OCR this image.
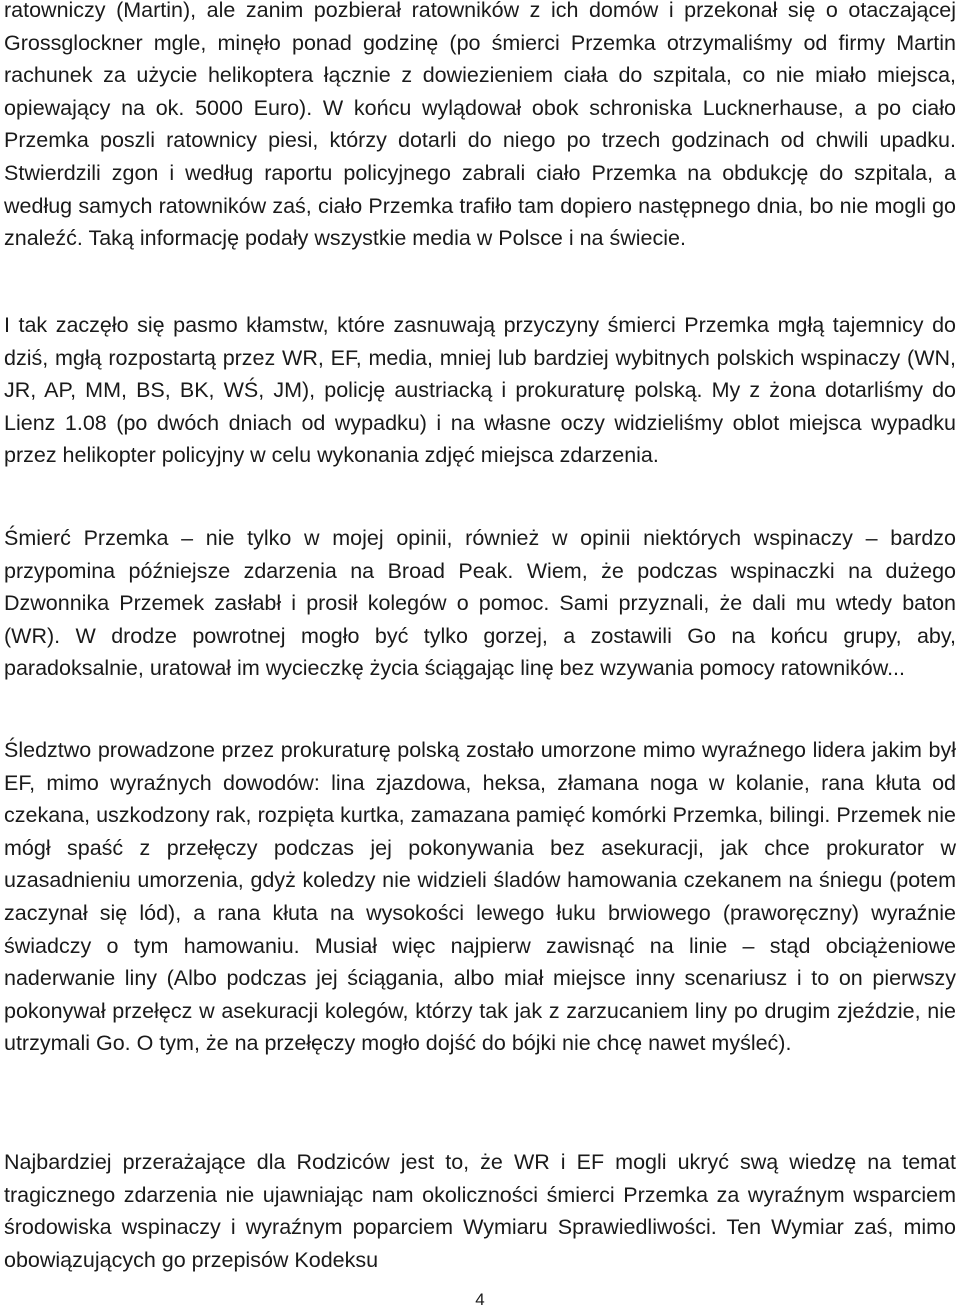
ratowniczy (Martin), ale zanim pozbierał ratowników z ich domów i przekonał się o otaczającej Grossglockner mgle, minęło ponad godzinę (po śmierci Przemka otrzymaliśmy od firmy Martin rachunek za użycie helikoptera łącznie z dowiezieniem ciała do szpitala, co nie miało miejsca, opiewający na ok. 5000 Euro). W końcu wylądował obok schroniska Lucknerhause, a po ciało Przemka poszli ratownicy piesi, którzy dotarli do niego po trzech godzinach od chwili upadku. Stwierdzili zgon i według raportu policyjnego zabrali ciało Przemka na obdukcję do szpitala, a według samych ratowników zaś, ciało Przemka trafiło tam dopiero następnego dnia, bo nie mogli go znaleźć. Taką informację podały wszystkie media w Polsce i na świecie.

I tak zaczęło się pasmo kłamstw, które zasnuwają przyczyny śmierci Przemka mgłą tajemnicy do dziś, mgłą rozpostartą przez WR, EF, media, mniej lub bardziej wybitnych polskich wspinaczy (WN, JR, AP, MM, BS, BK, WŚ, JM), policję austriacką i prokuraturę polską. My z żona dotarliśmy do Lienz 1.08 (po dwóch dniach od wypadku) i na własne oczy widzieliśmy oblot miejsca wypadku przez helikopter policyjny w celu wykonania zdjęć miejsca zdarzenia.

Śmierć Przemka – nie tylko w mojej opinii, również w opinii niektórych wspinaczy – bardzo przypomina późniejsze zdarzenia na Broad Peak. Wiem, że podczas wspinaczki na dużego Dzwonnika Przemek zasłabł i prosił kolegów o pomoc. Sami przyznali, że dali mu wtedy baton (WR). W drodze powrotnej mogło być tylko gorzej, a zostawili Go na końcu grupy, aby, paradoksalnie, uratował im wycieczkę życia ściągając linę bez wzywania pomocy ratowników...

Śledztwo prowadzone przez prokuraturę polską zostało umorzone mimo wyraźnego lidera jakim był EF, mimo wyraźnych dowodów: lina zjazdowa, heksa, złamana noga w kolanie, rana kłuta od czekana, uszkodzony rak, rozpięta kurtka, zamazana pamięć komórki Przemka, bilingi. Przemek nie mógł spaść z przełęczy podczas jej pokonywania bez asekuracji, jak chce prokurator w uzasadnieniu umorzenia, gdyż koledzy nie widzieli śladów hamowania czekanem na śniegu (potem zaczynał się lód), a rana kłuta na wysokości lewego łuku brwiowego (praworęczny) wyraźnie świadczy o tym hamowaniu. Musiał więc najpierw zawisnąć na linie – stąd obciążeniowe naderwanie liny (Albo podczas jej ściągania, albo miał miejsce inny scenariusz i to on pierwszy pokonywał przełęcz w asekuracji kolegów, którzy tak jak z zarzucaniem liny po drugim zjeździe, nie utrzymali Go. O tym, że na przełęczy mogło dojść do bójki nie chcę nawet myśleć).

Najbardziej przerażające dla Rodziców jest to, że WR i EF mogli ukryć swą wiedzę na temat tragicznego zdarzenia nie ujawniając nam okoliczności śmierci Przemka za wyraźnym wsparciem środowiska wspinaczy i wyraźnym poparciem Wymiaru Sprawiedliwości. Ten Wymiar zaś, mimo obowiązujących go przepisów Kodeksu

4
